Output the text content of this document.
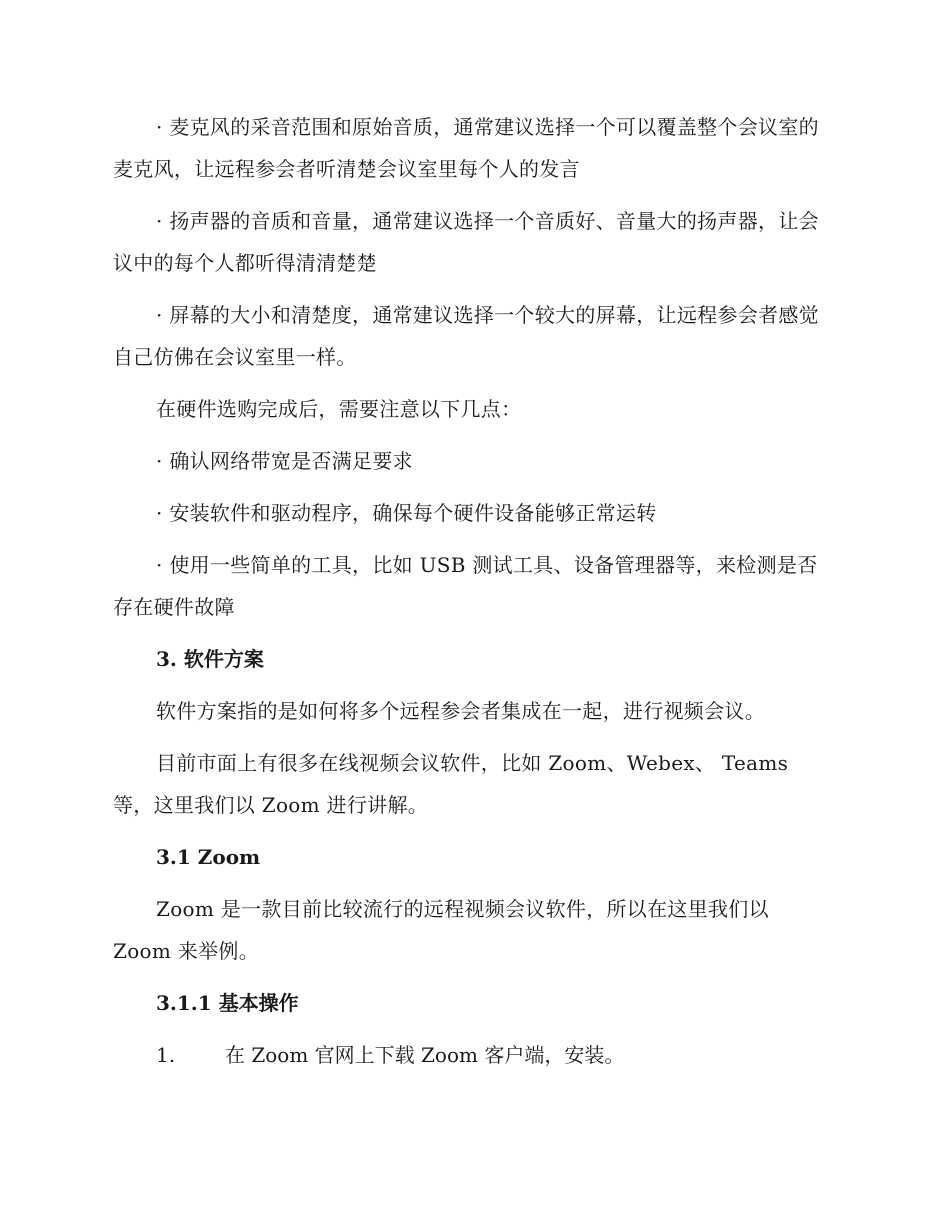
· 麦克风的采音范围和原始音质，通常建议选择一个可以覆盖整个会议室的麦克风，让远程参会者听清楚会议室里每个人的发言

· 扬声器的音质和音量，通常建议选择一个音质好、音量大的扬声器，让会议中的每个人都听得清清楚楚

· 屏幕的大小和清楚度，通常建议选择一个较大的屏幕，让远程参会者感觉自己仿佛在会议室里一样。

在硬件选购完成后，需要注意以下几点：

· 确认网络带宽是否满足要求

· 安装软件和驱动程序，确保每个硬件设备能够正常运转

· 使用一些简单的工具，比如 USB 测试工具、设备管理器等，来检测是否存在硬件故障

3. 软件方案

软件方案指的是如何将多个远程参会者集成在一起，进行视频会议。

目前市面上有很多在线视频会议软件，比如 Zoom、Webex、 Teams 等，这里我们以 Zoom 进行讲解。

3.1 Zoom

Zoom 是一款目前比较流行的远程视频会议软件，所以在这里我们以 Zoom 来举例。

3.1.1 基本操作
1.	在 Zoom 官网上下载 Zoom 客户端，安装。
